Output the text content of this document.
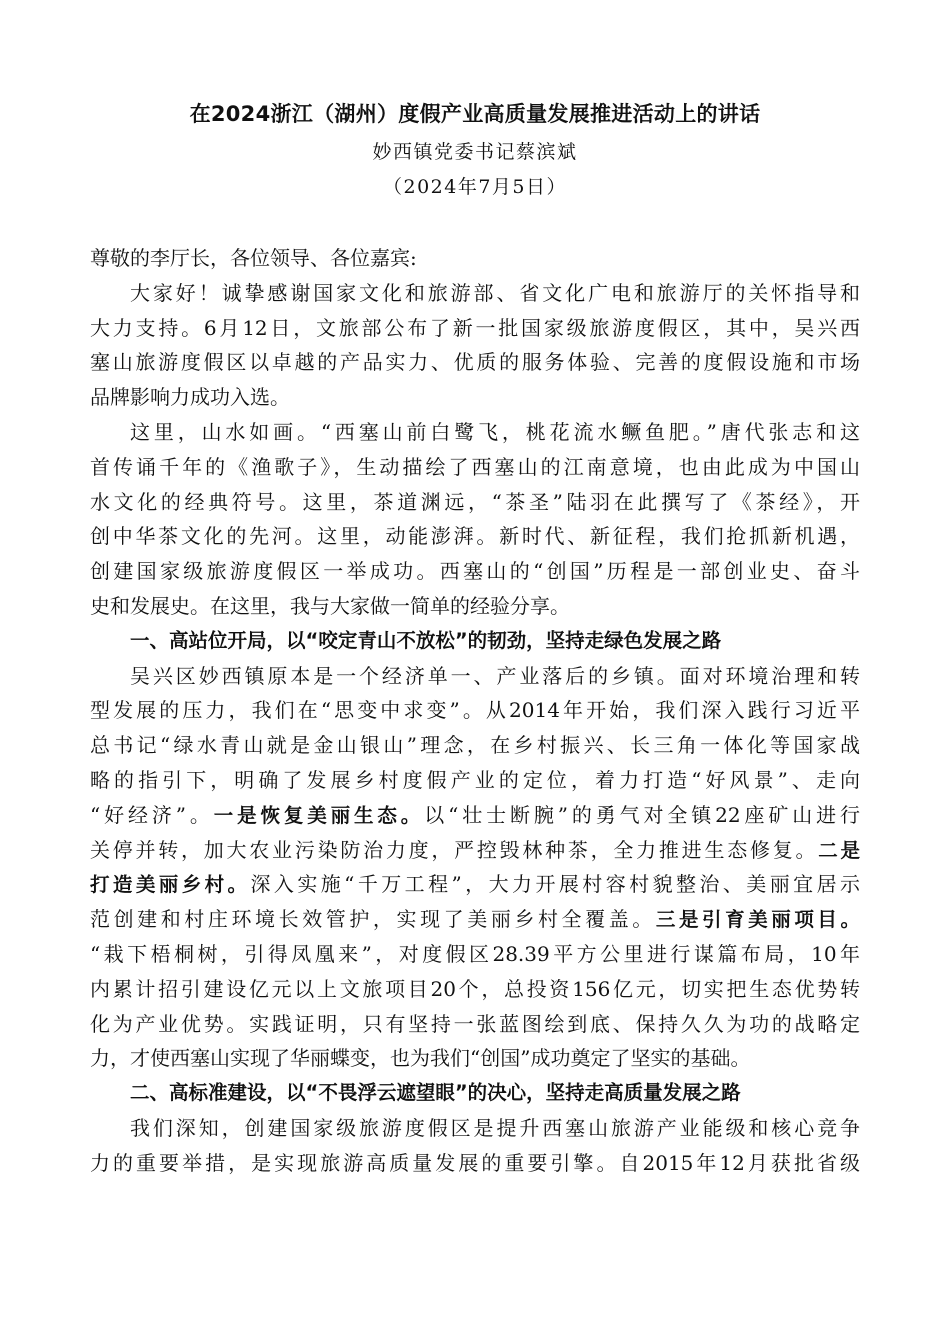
在2024浙江（湖州）度假产业高质量发展推进活动上的讲话
妙西镇党委书记蔡滨斌
（2024年7月5日）
尊敬的李厅长，各位领导、各位嘉宾:
大家好！诚挚感谢国家文化和旅游部、省文化广电和旅游厅的关怀指导和
大力支持。6月12日，文旅部公布了新一批国家级旅游度假区，其中，吴兴西
塞山旅游度假区以卓越的产品实力、优质的服务体验、完善的度假设施和市场
品牌影响力成功入选。
这里，山水如画。“西塞山前白鹭飞，桃花流水鳜鱼肥。”唐代张志和这
首传诵千年的《渔歌子》，生动描绘了西塞山的江南意境，也由此成为中国山
水文化的经典符号。这里，茶道渊远，“茶圣”陆羽在此撰写了《茶经》，开
创中华茶文化的先河。这里，动能澎湃。新时代、新征程，我们抢抓新机遇，
创建国家级旅游度假区一举成功。西塞山的“创国”历程是一部创业史、奋斗
史和发展史。在这里，我与大家做一简单的经验分享。
一、高站位开局，以“咬定青山不放松”的韧劲，坚持走绿色发展之路
吴兴区妙西镇原本是一个经济单一、产业落后的乡镇。面对环境治理和转
型发展的压力，我们在“思变中求变”。从2014年开始，我们深入践行习近平
总书记“绿水青山就是金山银山”理念，在乡村振兴、长三角一体化等国家战
略的指引下，明确了发展乡村度假产业的定位，着力打造“好风景”、走向
“好经济”。一是恢复美丽生态。以“壮士断腕”的勇气对全镇22座矿山进行
关停并转，加大农业污染防治力度，严控毁林种茶，全力推进生态修复。二是
打造美丽乡村。深入实施“千万工程”，大力开展村容村貌整治、美丽宜居示
范创建和村庄环境长效管护，实现了美丽乡村全覆盖。三是引育美丽项目。
“栽下梧桐树，引得凤凰来”，对度假区28.39平方公里进行谋篇布局，10年
内累计招引建设亿元以上文旅项目20个，总投资156亿元，切实把生态优势转
化为产业优势。实践证明，只有坚持一张蓝图绘到底、保持久久为功的战略定
力，才使西塞山实现了华丽蝶变，也为我们“创国”成功奠定了坚实的基础。
二、高标准建设，以“不畏浮云遮望眼”的决心，坚持走高质量发展之路
我们深知，创建国家级旅游度假区是提升西塞山旅游产业能级和核心竞争
力的重要举措，是实现旅游高质量发展的重要引擎。自2015年12月获批省级
